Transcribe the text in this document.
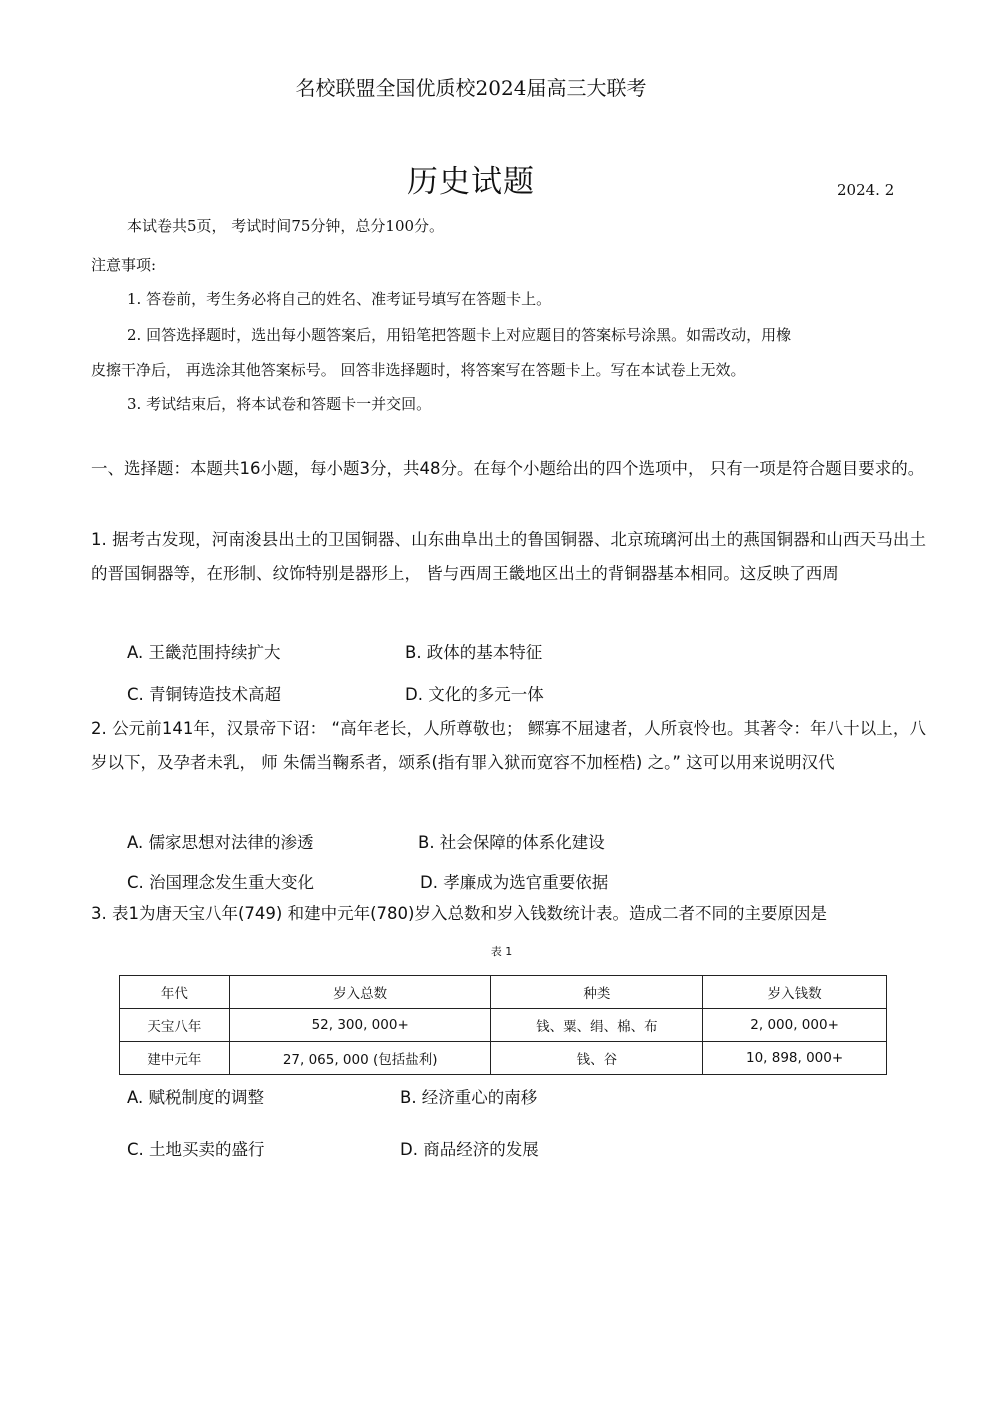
名校联盟全国优质校2024届高三大联考
历史试题	2024. 2
本试卷共5页， 考试时间75分钟，总分100分。
注意事项:
1. 答卷前，考生务必将自己的姓名、准考证号填写在答题卡上。
2. 回答选择题时，选出每小题答案后，用铅笔把答题卡上对应题目的答案标号涂黑。如需改动，用橡
皮擦干净后， 再选涂其他答案标号。 回答非选择题时，将答案写在答题卡上。写在本试卷上无效。
3. 考试结束后，将本试卷和答题卡一并交回。
一、选择题：本题共16小题，每小题3分，共48分。在每个小题给出的四个选项中， 只有一项是符合题目要求的。
1. 据考古发现，河南浚县出土的卫国铜器、山东曲阜出土的鲁国铜器、北京琉璃河出土的燕国铜器和山西天马出土的晋国铜器等，在形制、纹饰特别是器形上， 皆与西周王畿地区出土的背铜器基本相同。这反映了西周
A. 王畿范围持续扩大	B. 政体的基本特征
C. 青铜铸造技术高超	D. 文化的多元一体
2. 公元前141年，汉景帝下诏： “高年老长，人所尊敬也； 鳏寡不屈逮者，人所哀怜也。其著令：年八十以上，八岁以下，及孕者未乳， 师 朱儒当鞠系者，颂系(指有罪入狱而宽容不加桎梏) 之。” 这可以用来说明汉代
A. 儒家思想对法律的渗透	B. 社会保障的体系化建设
C. 治国理念发生重大变化	D. 孝廉成为选官重要依据
3. 表1为唐天宝八年(749) 和建中元年(780)岁入总数和岁入钱数统计表。造成二者不同的主要原因是
表 1
年代	岁入总数	种类	岁入钱数
天宝八年	52, 300, 000+	钱、粟、绢、棉、布	2, 000, 000+
建中元年	27, 065, 000 (包括盐利)	钱、谷	10, 898, 000+
A. 赋税制度的调整	B. 经济重心的南移
C. 土地买卖的盛行	D. 商品经济的发展
